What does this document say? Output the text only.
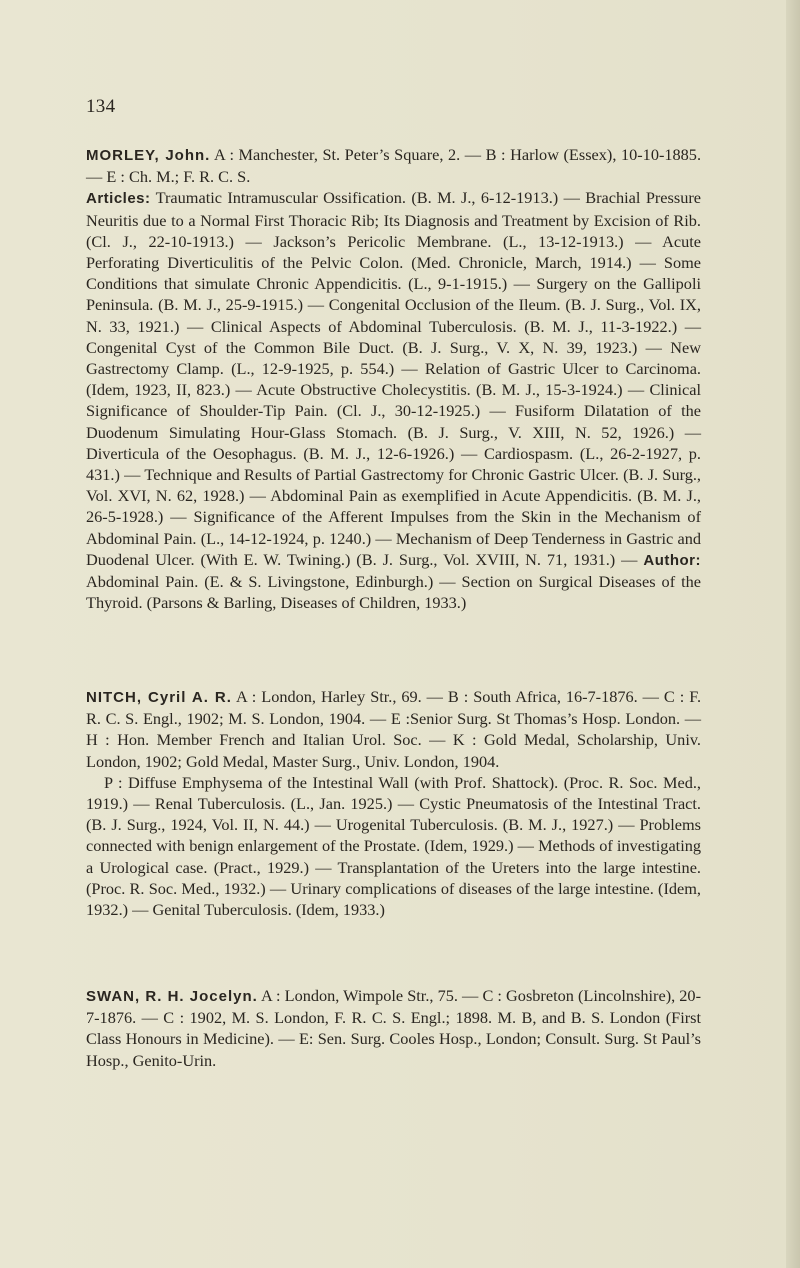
134

MORLEY, John. A : Manchester, St. Peter’s Square, 2. — B : Harlow (Essex), 10-10-1885. — E : Ch. M.; F. R. C. S.

Articles: Traumatic Intramuscular Ossification. (B. M. J., 6-12-1913.) — Brachial Pressure Neuritis due to a Normal First Thoracic Rib; Its Diagnosis and Treatment by Excision of Rib. (Cl. J., 22-10-1913.) — Jackson’s Pericolic Membrane. (L., 13-12-1913.) — Acute Perforating Diverticulitis of the Pelvic Colon. (Med. Chronicle, March, 1914.) — Some Conditions that simulate Chronic Appendicitis. (L., 9-1-1915.) — Surgery on the Gallipoli Peninsula. (B. M. J., 25-9-1915.) — Congenital Occlusion of the Ileum. (B. J. Surg., Vol. IX, N. 33, 1921.) — Clinical Aspects of Abdominal Tuberculosis. (B. M. J., 11-3-1922.) — Congenital Cyst of the Common Bile Duct. (B. J. Surg., V. X, N. 39, 1923.) — New Gastrectomy Clamp. (L., 12-9-1925, p. 554.) — Relation of Gastric Ulcer to Carcinoma. (Idem, 1923, II, 823.) — Acute Obstructive Cholecystitis. (B. M. J., 15-3-1924.) — Clinical Significance of Shoulder-Tip Pain. (Cl. J., 30-12-1925.) — Fusiform Dilatation of the Duodenum Simulating Hour-Glass Stomach. (B. J. Surg., V. XIII, N. 52, 1926.) — Diverticula of the Oesophagus. (B. M. J., 12-6-1926.) — Cardiospasm. (L., 26-2-1927, p. 431.) — Technique and Results of Partial Gastrectomy for Chronic Gastric Ulcer. (B. J. Surg., Vol. XVI, N. 62, 1928.) — Abdominal Pain as exemplified in Acute Appendicitis. (B. M. J., 26-5-1928.) — Significance of the Afferent Impulses from the Skin in the Mechanism of Abdominal Pain. (L., 14-12-1924, p. 1240.) — Mechanism of Deep Tenderness in Gastric and Duodenal Ulcer. (With E. W. Twining.) (B. J. Surg., Vol. XVIII, N. 71, 1931.) — Author: Abdominal Pain. (E. & S. Livingstone, Edinburgh.) — Section on Surgical Diseases of the Thyroid. (Parsons & Barling, Diseases of Children, 1933.)

NITCH, Cyril A. R. A : London, Harley Str., 69. — B : South Africa, 16-7-1876. — C : F. R. C. S. Engl., 1902; M. S. London, 1904. — E :Senior Surg. St Thomas’s Hosp. London. — H : Hon. Member French and Italian Urol. Soc. — K : Gold Medal, Scholarship, Univ. London, 1902; Gold Medal, Master Surg., Univ. London, 1904.

P : Diffuse Emphysema of the Intestinal Wall (with Prof. Shattock). (Proc. R. Soc. Med., 1919.) — Renal Tuberculosis. (L., Jan. 1925.) — Cystic Pneumatosis of the Intestinal Tract. (B. J. Surg., 1924, Vol. II, N. 44.) — Urogenital Tuberculosis. (B. M. J., 1927.) — Problems connected with benign enlargement of the Prostate. (Idem, 1929.) — Methods of investigating a Urological case. (Pract., 1929.) — Transplantation of the Ureters into the large intestine. (Proc. R. Soc. Med., 1932.) — Urinary complications of diseases of the large intestine. (Idem, 1932.) — Genital Tuberculosis. (Idem, 1933.)

SWAN, R. H. Jocelyn. A : London, Wimpole Str., 75. — C : Gosbreton (Lincolnshire), 20-7-1876. — C : 1902, M. S. London, F. R. C. S. Engl.; 1898. M. B, and B. S. London (First Class Honours in Medicine). — E: Sen. Surg. Cooles Hosp., London; Consult. Surg. St Paul’s Hosp., Genito-Urin.
